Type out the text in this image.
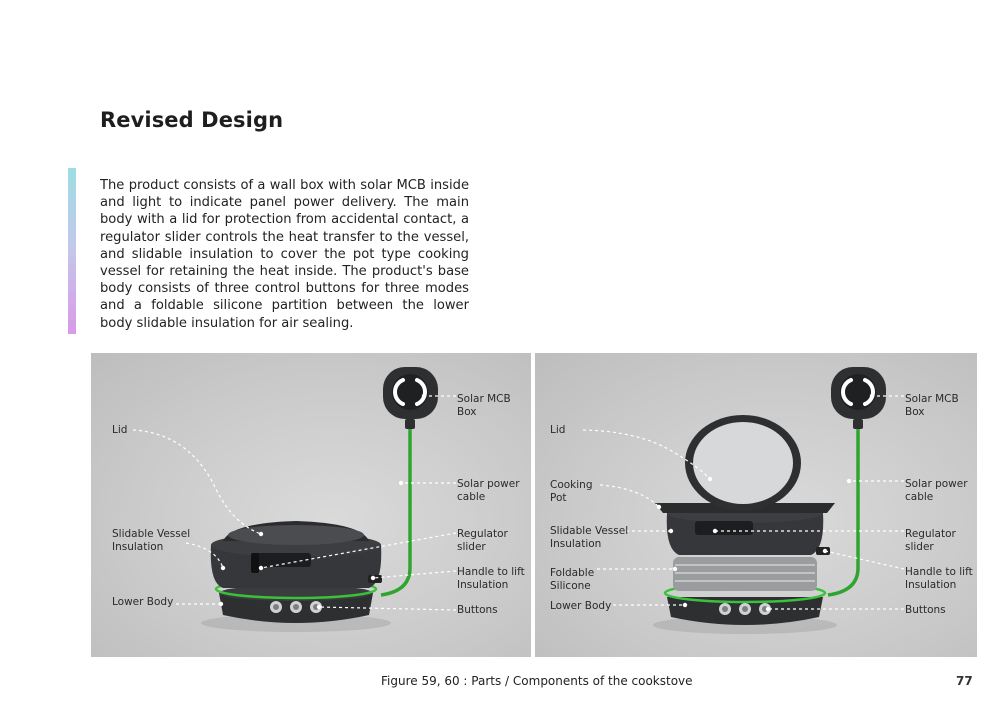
Revised Design

The product consists of a wall box with solar MCB inside and light to indicate panel power delivery. The main body with a lid for protection from accidental contact, a regulator slider controls the heat transfer to the vessel, and slidable insulation to cover the pot type cooking vessel for retaining the heat inside. The product's base body consists of three control buttons for three modes and a foldable silicone partition between the lower body slidable insulation for air sealing.

Lid
Slidable Vessel Insulation
Lower Body
Solar MCB Box
Solar power cable
Regulator slider
Handle to lift Insulation
Buttons
Lid
Cooking Pot
Slidable Vessel Insulation
Foldable Silicone
Lower Body
Solar MCB Box
Solar power cable
Regulator slider
Handle to lift Insulation
Buttons
Figure 59, 60 : Parts / Components of the cookstove	77
